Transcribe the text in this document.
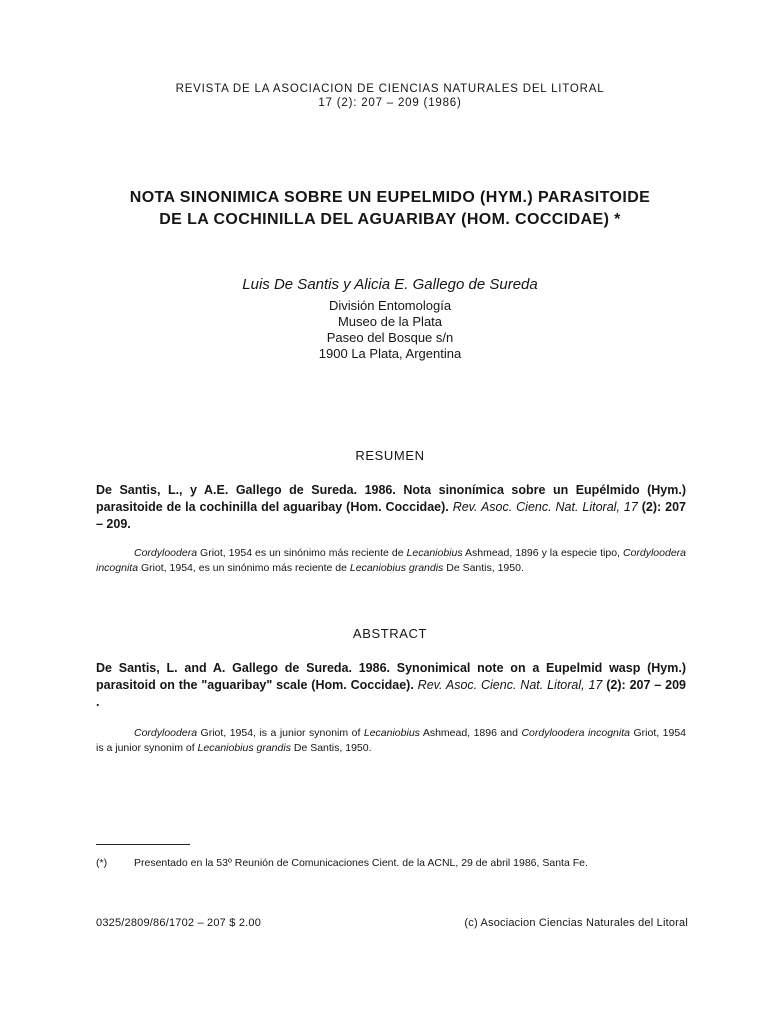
REVISTA DE LA ASOCIACION DE CIENCIAS NATURALES DEL LITORAL
17 (2): 207 – 209 (1986)
NOTA SINONIMICA SOBRE UN EUPELMIDO (HYM.) PARASITOIDE
DE LA COCHINILLA DEL AGUARIBAY (HOM. COCCIDAE) *
Luis De Santis y Alicia E. Gallego de Sureda
División Entomología
Museo de la Plata
Paseo del Bosque s/n
1900 La Plata, Argentina
RESUMEN
De Santis, L., y A.E. Gallego de Sureda. 1986. Nota sinonímica sobre un Eupélmido (Hym.) parasitoide de la cochinilla del aguaribay (Hom. Coccidae). Rev. Asoc. Cienc. Nat. Litoral, 17 (2): 207 – 209.
Cordyloodera Griot, 1954 es un sinónimo más reciente de Lecaniobius Ashmead, 1896 y la especie tipo, Cordyloodera incognita Griot, 1954, es un sinónimo más reciente de Lecaniobius grandis De Santis, 1950.
ABSTRACT
De Santis, L. and A. Gallego de Sureda. 1986. Synonimical note on a Eupelmid wasp (Hym.) parasitoid on the "aguaribay" scale (Hom. Coccidae). Rev. Asoc. Cienc. Nat. Litoral, 17 (2): 207 – 209 .
Cordyloodera Griot, 1954, is a junior synonim of Lecaniobius Ashmead, 1896 and Cordyloodera incognita Griot, 1954 is a junior synonim of Lecaniobius grandis De Santis, 1950.
(*)	Presentado en la 53º Reunión de Comunicaciones Cient. de la ACNL, 29 de abril 1986, Santa Fe.
0325/2809/86/1702 – 207 $ 2.00	(c) Asociacion Ciencias Naturales del Litoral
